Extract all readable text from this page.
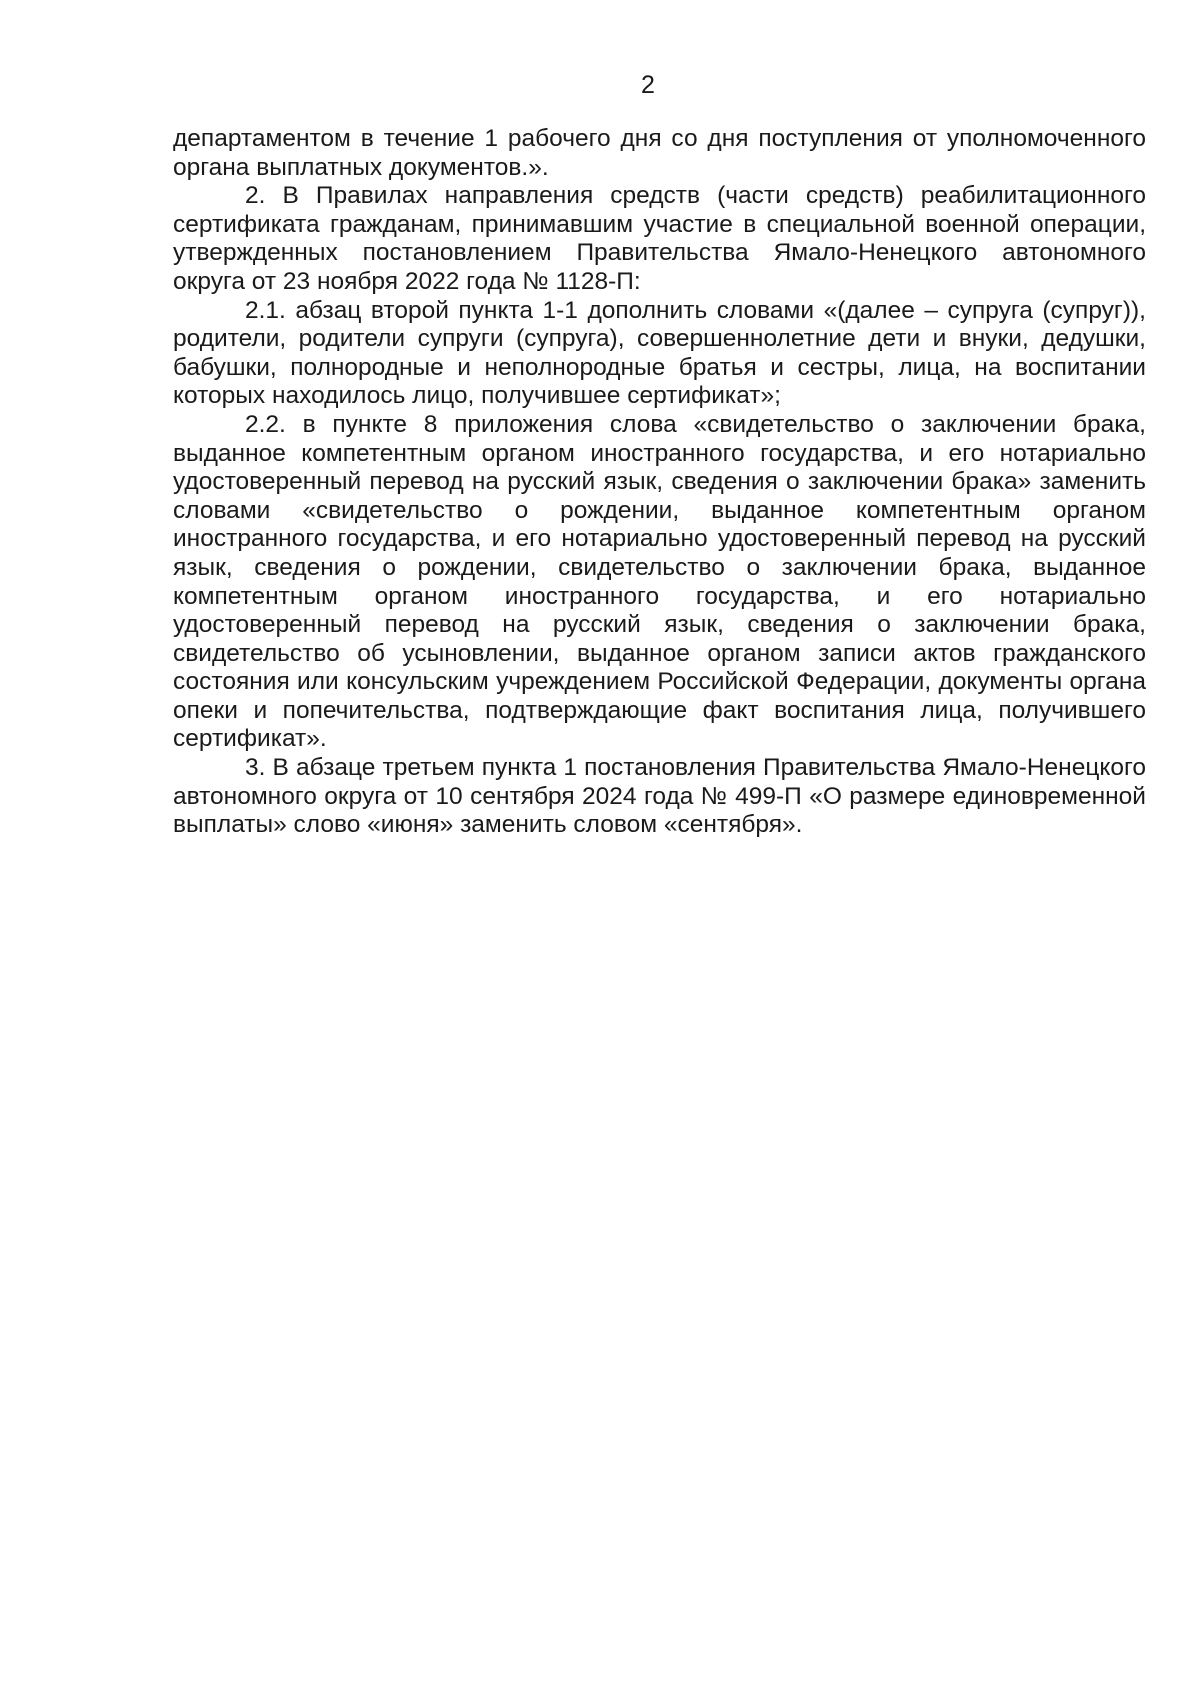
2

департаментом в течение 1 рабочего дня со дня поступления от уполномоченного органа выплатных документов.».

2. В Правилах направления средств (части средств) реабилитационного сертификата гражданам, принимавшим участие в специальной военной операции, утвержденных постановлением Правительства Ямало-Ненецкого автономного округа от 23 ноября 2022 года № 1128-П:

2.1. абзац второй пункта 1-1 дополнить словами «(далее – супруга (супруг)), родители, родители супруги (супруга), совершеннолетние дети и внуки, дедушки, бабушки, полнородные и неполнородные братья и сестры, лица, на воспитании которых находилось лицо, получившее сертификат»;

2.2. в пункте 8 приложения слова «свидетельство о заключении брака, выданное компетентным органом иностранного государства, и его нотариально удостоверенный перевод на русский язык, сведения о заключении брака» заменить словами «свидетельство о рождении, выданное компетентным органом иностранного государства, и его нотариально удостоверенный перевод на русский язык, сведения о рождении, свидетельство о заключении брака, выданное компетентным органом иностранного государства, и его нотариально удостоверенный перевод на русский язык, сведения о заключении брака, свидетельство об усыновлении, выданное органом записи актов гражданского состояния или консульским учреждением Российской Федерации, документы органа опеки и попечительства, подтверждающие факт воспитания лица, получившего сертификат».

3. В абзаце третьем пункта 1 постановления Правительства Ямало-Ненецкого автономного округа от 10 сентября 2024 года № 499-П «О размере единовременной выплаты» слово «июня» заменить словом «сентября».
